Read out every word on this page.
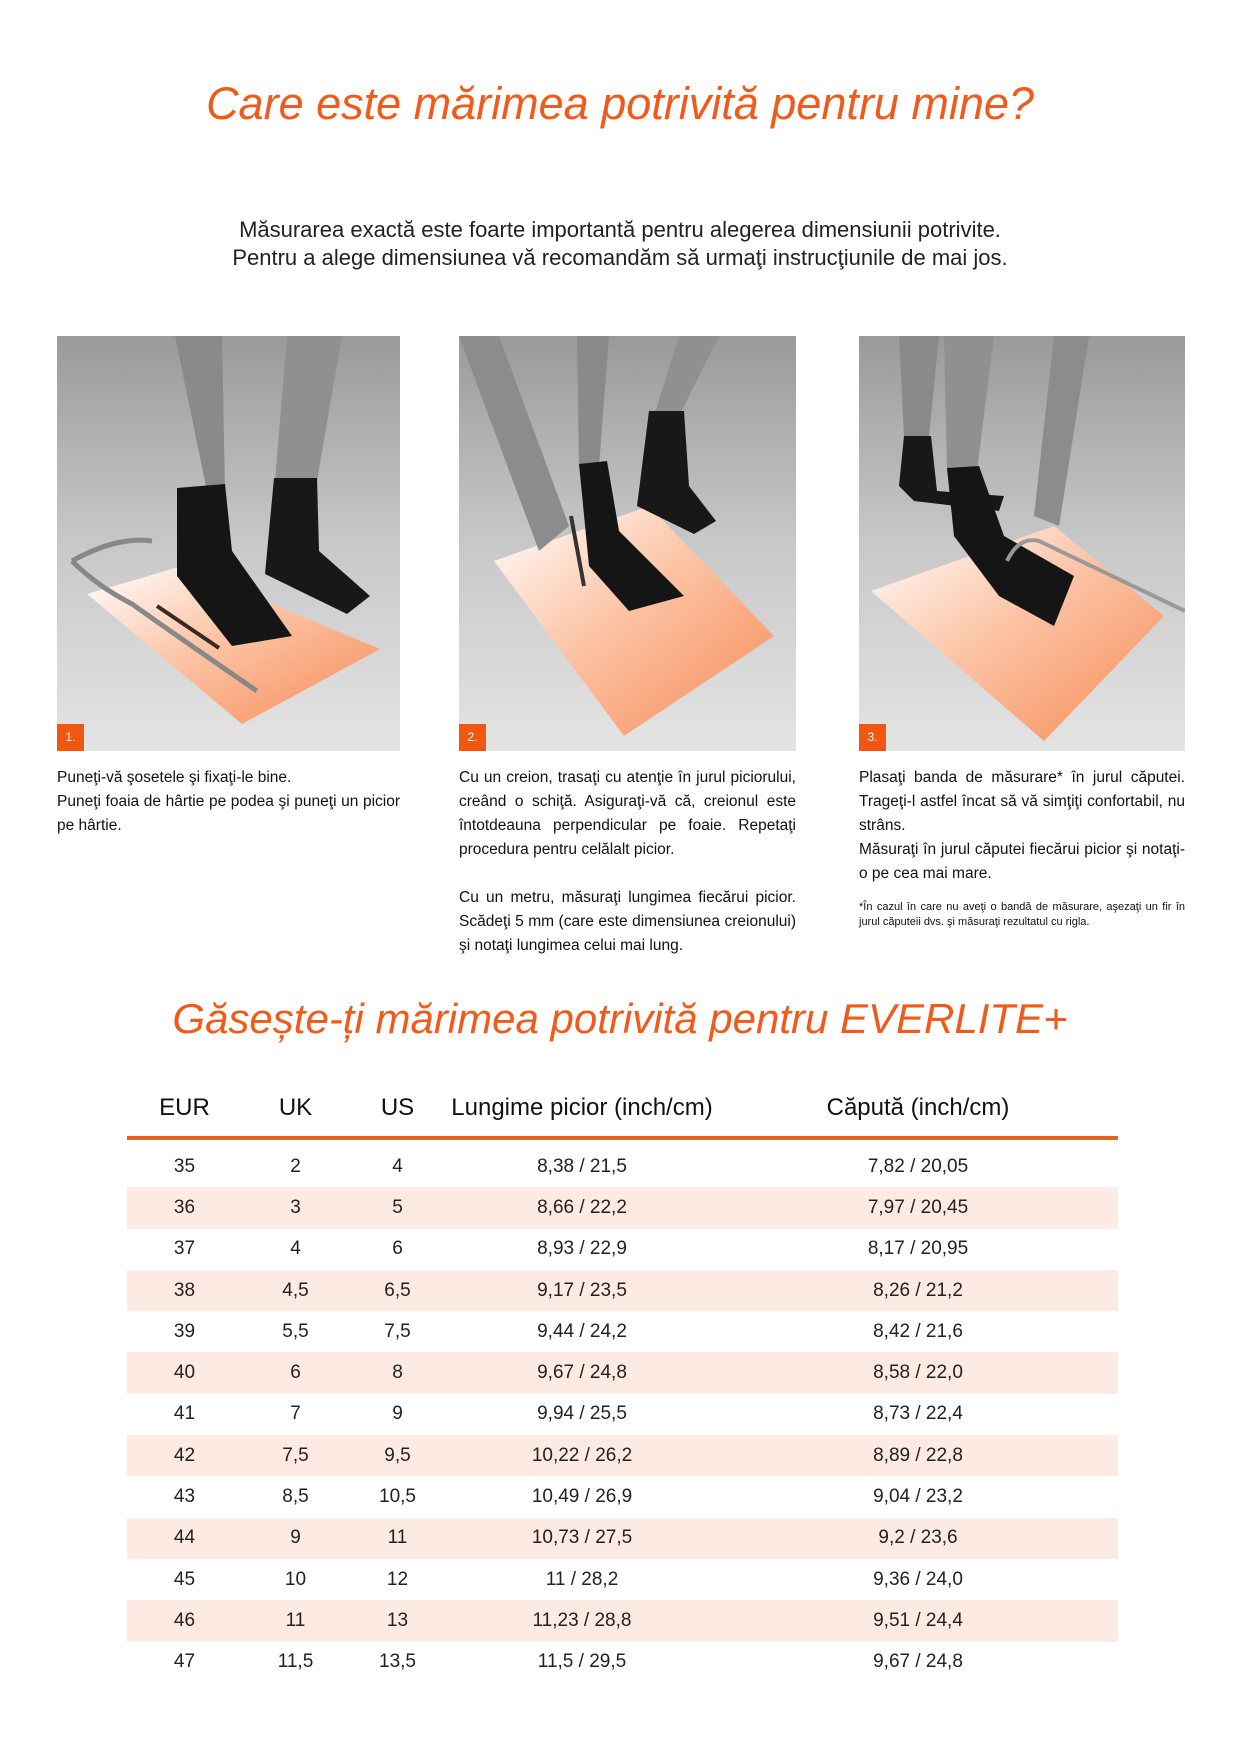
Care este mărimea potrivită pentru mine?
Măsurarea exactă este foarte importantă pentru alegerea dimensiunii potrivite.
Pentru a alege dimensiunea vă recomandăm să urmaţi instrucţiunile de mai jos.
1.	2.	3.

Puneţi-vă şosetele şi fixaţi-le bine.

Puneţi foaia de hârtie pe podea şi puneţi un picior pe hârtie.

Cu un creion, trasaţi cu atenţie în jurul piciorului, creând o schiţă. Asiguraţi-vă că, creionul este întotdeauna perpendicular pe foaie. Repetaţi procedura pentru celălalt picior.

Cu un metru, măsuraţi lungimea fiecărui picior. Scădeţi 5 mm (care este dimensiunea creionului) şi notaţi lungimea celui mai lung.

Plasaţi banda de măsurare* în jurul căputei. Trageţi-l astfel încat să vă simţiţi confortabil, nu strâns.

Măsuraţi în jurul căputei fiecărui picior şi notaţi-o pe cea mai mare.

*În cazul în care nu aveţi o bandă de măsurare, aşezaţi un fir în jurul căputeii dvs. şi măsuraţi rezultatul cu rigla.

Găsește-ți mărimea potrivită pentru EVERLITE+
EUR	UK	US	Lungime picior (inch/cm)	Căpută (inch/cm)
35	2	4	8,38 / 21,5	7,82 / 20,05
36	3	5	8,66 / 22,2	7,97 / 20,45
37	4	6	8,93 / 22,9	8,17 / 20,95
38	4,5	6,5	9,17 / 23,5	8,26 / 21,2
39	5,5	7,5	9,44 / 24,2	8,42 / 21,6
40	6	8	9,67 / 24,8	8,58 / 22,0
41	7	9	9,94 / 25,5	8,73 / 22,4
42	7,5	9,5	10,22 / 26,2	8,89 / 22,8
43	8,5	10,5	10,49 / 26,9	9,04 / 23,2
44	9	11	10,73 / 27,5	9,2 / 23,6
45	10	12	11 / 28,2	9,36 / 24,0
46	11	13	11,23 / 28,8	9,51 / 24,4
47	11,5	13,5	11,5 / 29,5	9,67 / 24,8
